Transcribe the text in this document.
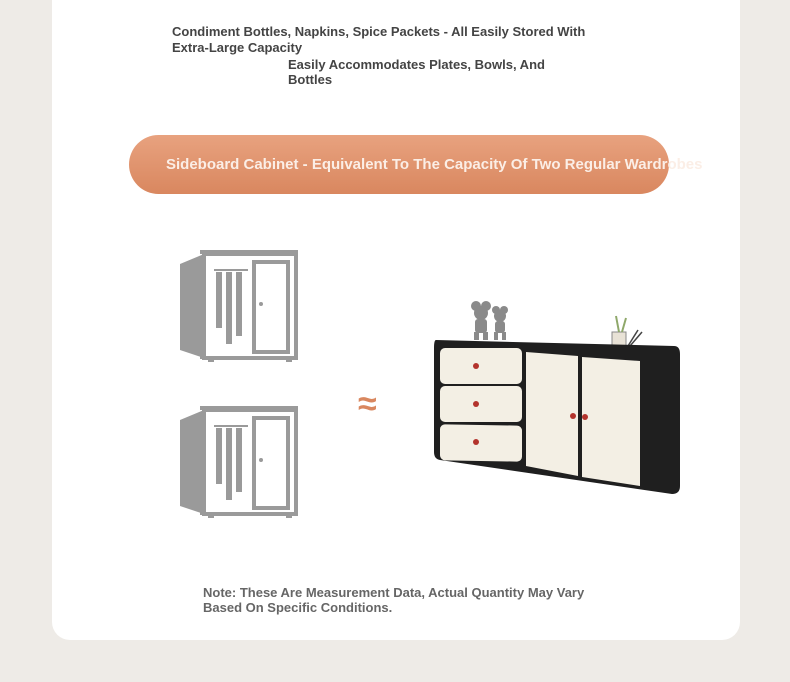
Condiment Bottles, Napkins, Spice Packets - All Easily Stored With Extra-Large Capacity
Easily Accommodates Plates, Bowls, And Bottles
Sideboard Cabinet - Equivalent To The Capacity Of Two Regular Wardrobes
≈
Note: These Are Measurement Data, Actual Quantity May Vary Based On Specific Conditions.
